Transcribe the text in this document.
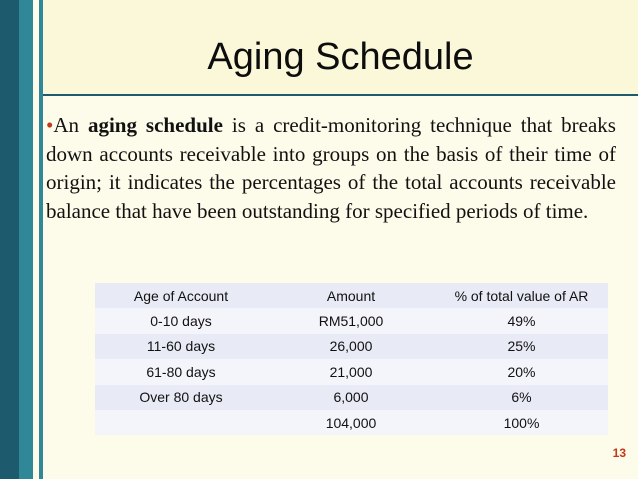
Aging Schedule
•An aging schedule is a credit-monitoring technique that breaks down accounts receivable into groups on the basis of their time of origin; it indicates the percentages of the total accounts receivable balance that have been outstanding for specified periods of time.
Age of Account	Amount	% of total value of AR
0-10 days	RM51,000	49%
11-60 days	26,000	25%
61-80 days	21,000	20%
Over 80 days	6,000	6%
	104,000	100%
13
